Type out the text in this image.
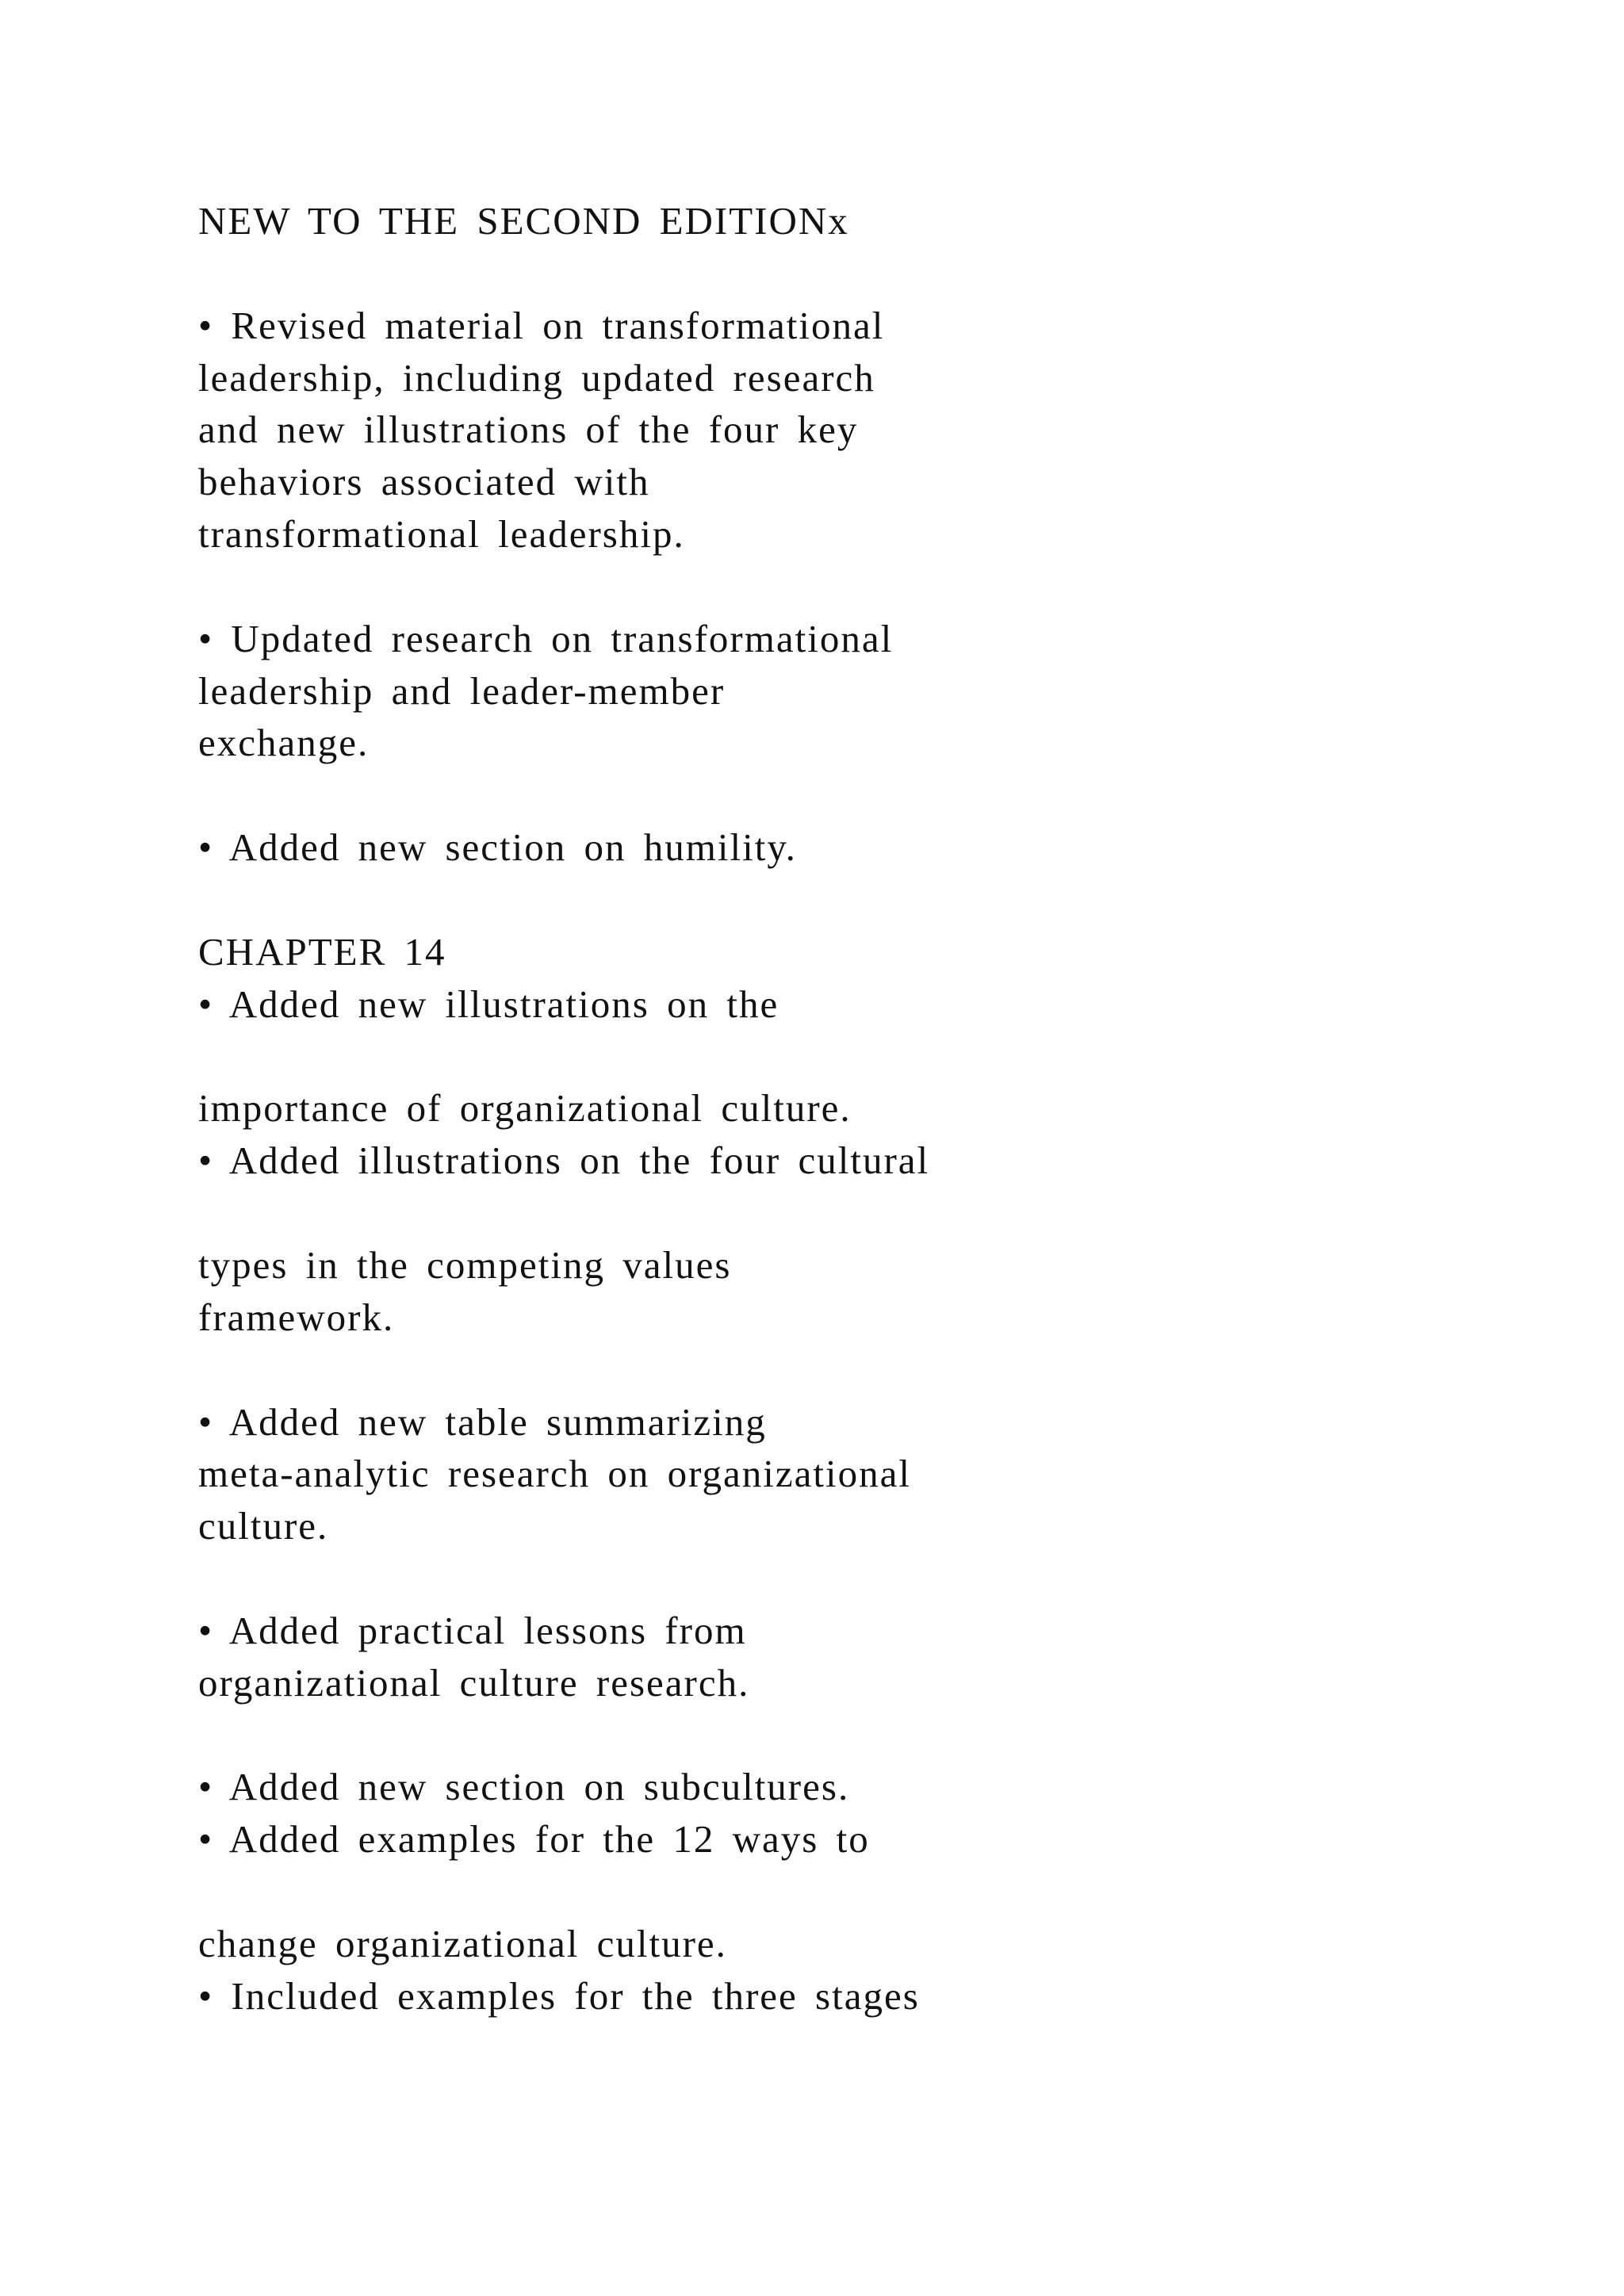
NEW TO THE SECOND EDITIONx

• Revised material on transformational

leadership, including updated research

and new illustrations of the four key

behaviors associated with

transformational leadership.

• Updated research on transformational

leadership and leader-member

exchange.

• Added new section on humility.

CHAPTER 14

• Added new illustrations on the

importance of organizational culture.

• Added illustrations on the four cultural

types in the competing values

framework.

• Added new table summarizing

meta-analytic research on organizational

culture.

• Added practical lessons from

organizational culture research.

• Added new section on subcultures.

• Added examples for the 12 ways to

change organizational culture.

• Included examples for the three stages
